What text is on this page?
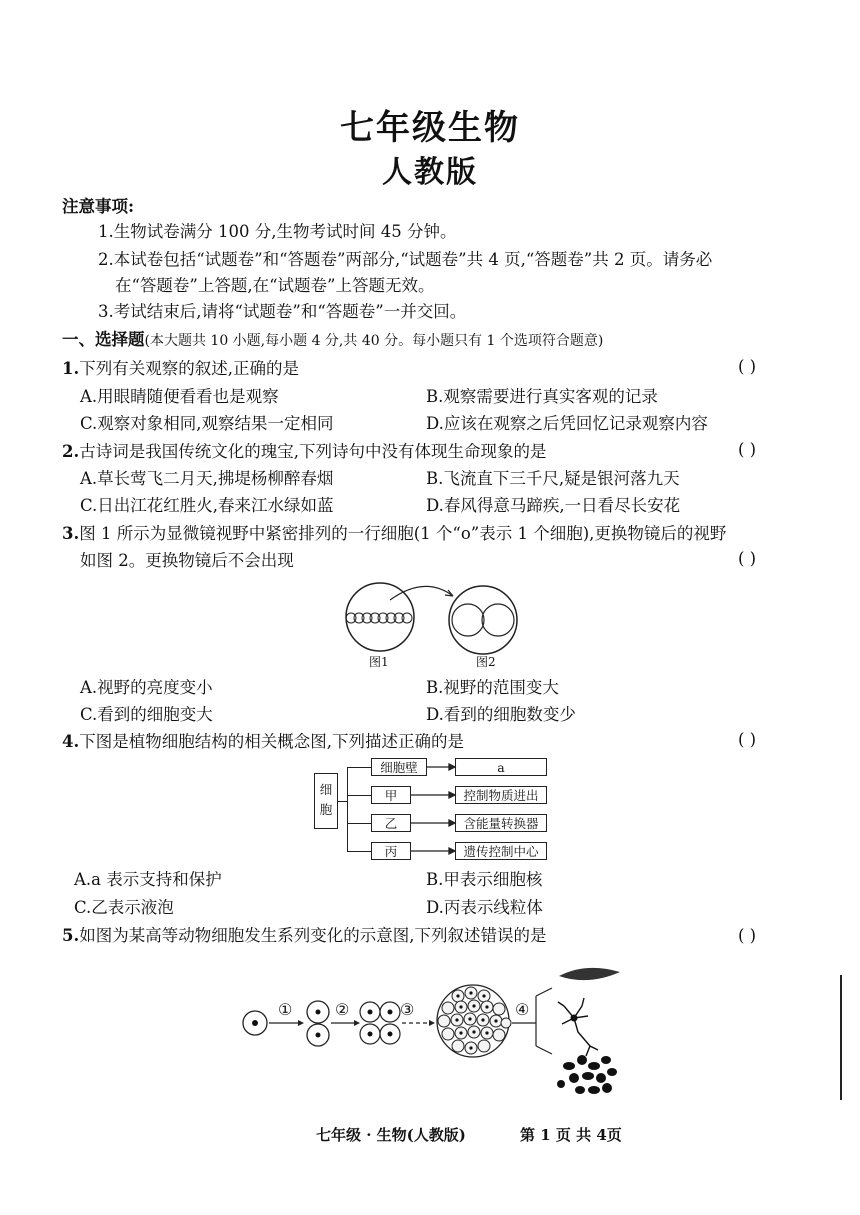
七年级生物
人教版
注意事项:
1.生物试卷满分 100 分,生物考试时间 45 分钟。
2.本试卷包括“试题卷”和“答题卷”两部分,“试题卷”共 4 页,“答题卷”共 2 页。请务必
在“答题卷”上答题,在“试题卷”上答题无效。
3.考试结束后,请将“试题卷”和“答题卷”一并交回。
一、选择题(本大题共 10 小题,每小题 4 分,共 40 分。每小题只有 1 个选项符合题意)
1.下列有关观察的叙述,正确的是	( )
A.用眼睛随便看看也是观察	B.观察需要进行真实客观的记录
C.观察对象相同,观察结果一定相同	D.应该在观察之后凭回忆记录观察内容
2.古诗词是我国传统文化的瑰宝,下列诗句中没有体现生命现象的是	( )
A.草长莺飞二月天,拂堤杨柳醉春烟	B.飞流直下三千尺,疑是银河落九天
C.日出江花红胜火,春来江水绿如蓝	D.春风得意马蹄疾,一日看尽长安花
3.图 1 所示为显微镜视野中紧密排列的一行细胞(1 个“o”表示 1 个细胞),更换物镜后的视野
如图 2。更换物镜后不会出现	( )
图1	图2
A.视野的亮度变小	B.视野的范围变大
C.看到的细胞变大	D.看到的细胞数变少
4.下图是植物细胞结构的相关概念图,下列描述正确的是	( )
细胞
细胞壁
甲
乙
丙
a
控制物质进出
含能量转换器
遗传控制中心
A.a 表示支持和保护	B.甲表示细胞核
C.乙表示液泡	D.丙表示线粒体
5.如图为某高等动物细胞发生系列变化的示意图,下列叙述错误的是	( )
①	②	③	④
七年级 · 生物(人教版)	第 1 页 共 4页
